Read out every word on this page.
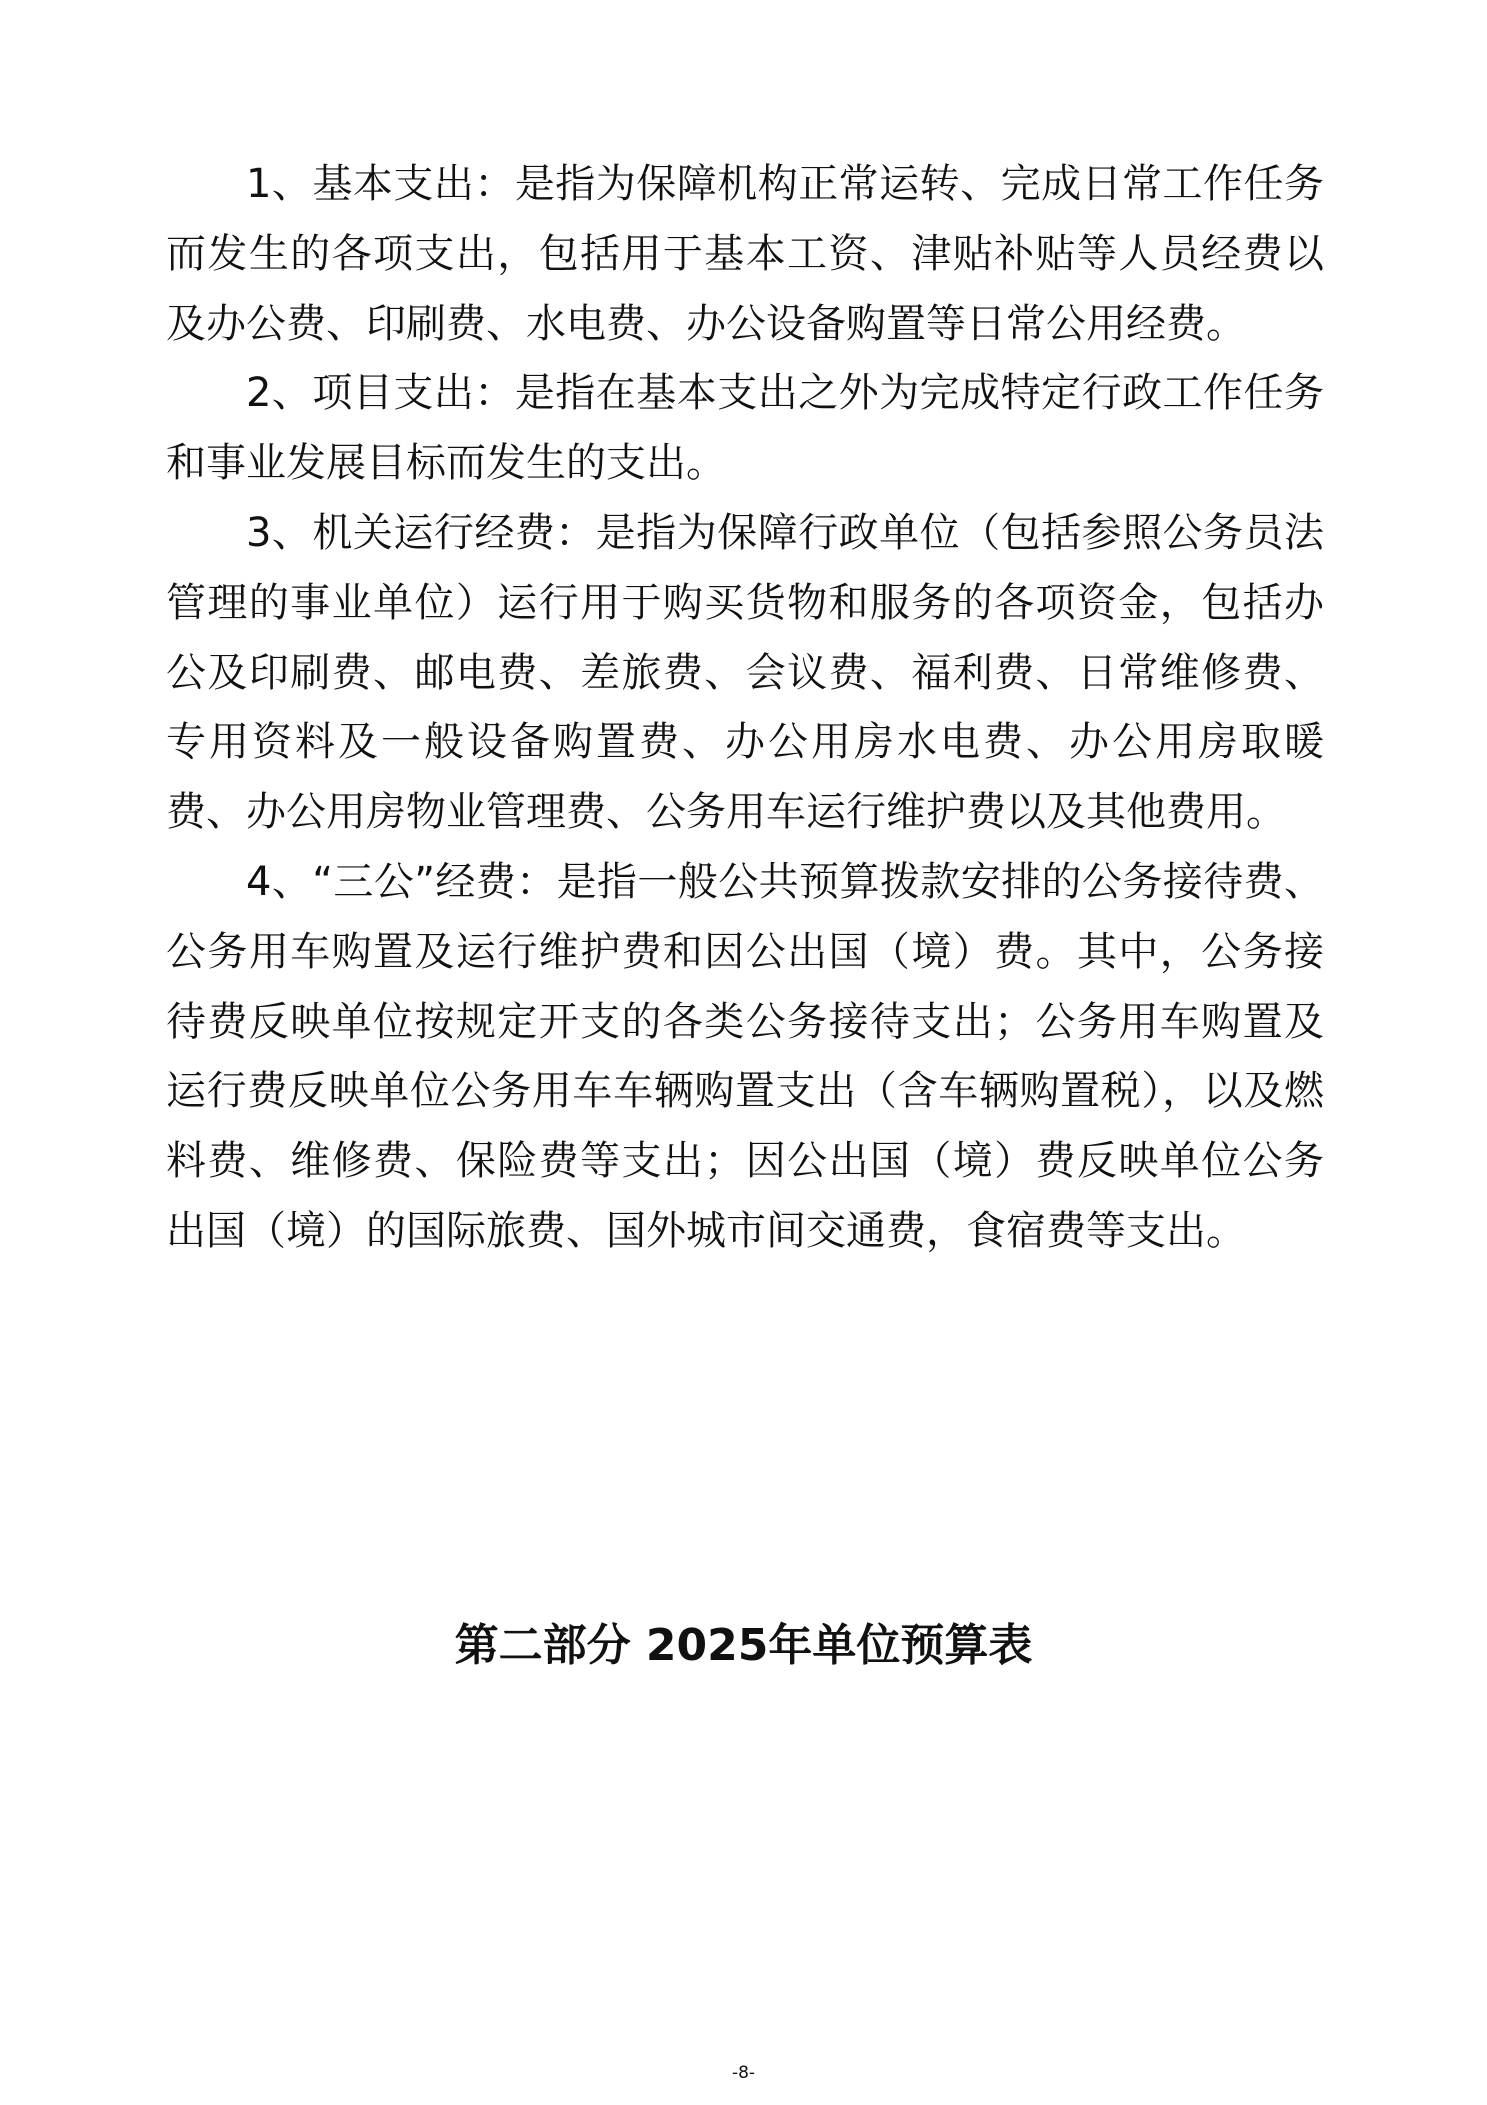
1、基本支出：是指为保障机构正常运转、完成日常工作任务而发生的各项支出，包括用于基本工资、津贴补贴等人员经费以及办公费、印刷费、水电费、办公设备购置等日常公用经费。

2、项目支出：是指在基本支出之外为完成特定行政工作任务和事业发展目标而发生的支出。

3、机关运行经费：是指为保障行政单位（包括参照公务员法管理的事业单位）运行用于购买货物和服务的各项资金，包括办公及印刷费、邮电费、差旅费、会议费、福利费、日常维修费、专用资料及一般设备购置费、办公用房水电费、办公用房取暖费、办公用房物业管理费、公务用车运行维护费以及其他费用。

4、“三公”经费：是指一般公共预算拨款安排的公务接待费、公务用车购置及运行维护费和因公出国（境）费。其中，公务接待费反映单位按规定开支的各类公务接待支出；公务用车购置及运行费反映单位公务用车车辆购置支出（含车辆购置税），以及燃料费、维修费、保险费等支出；因公出国（境）费反映单位公务出国（境）的国际旅费、国外城市间交通费，食宿费等支出。

第二部分 2025年单位预算表
-8-
